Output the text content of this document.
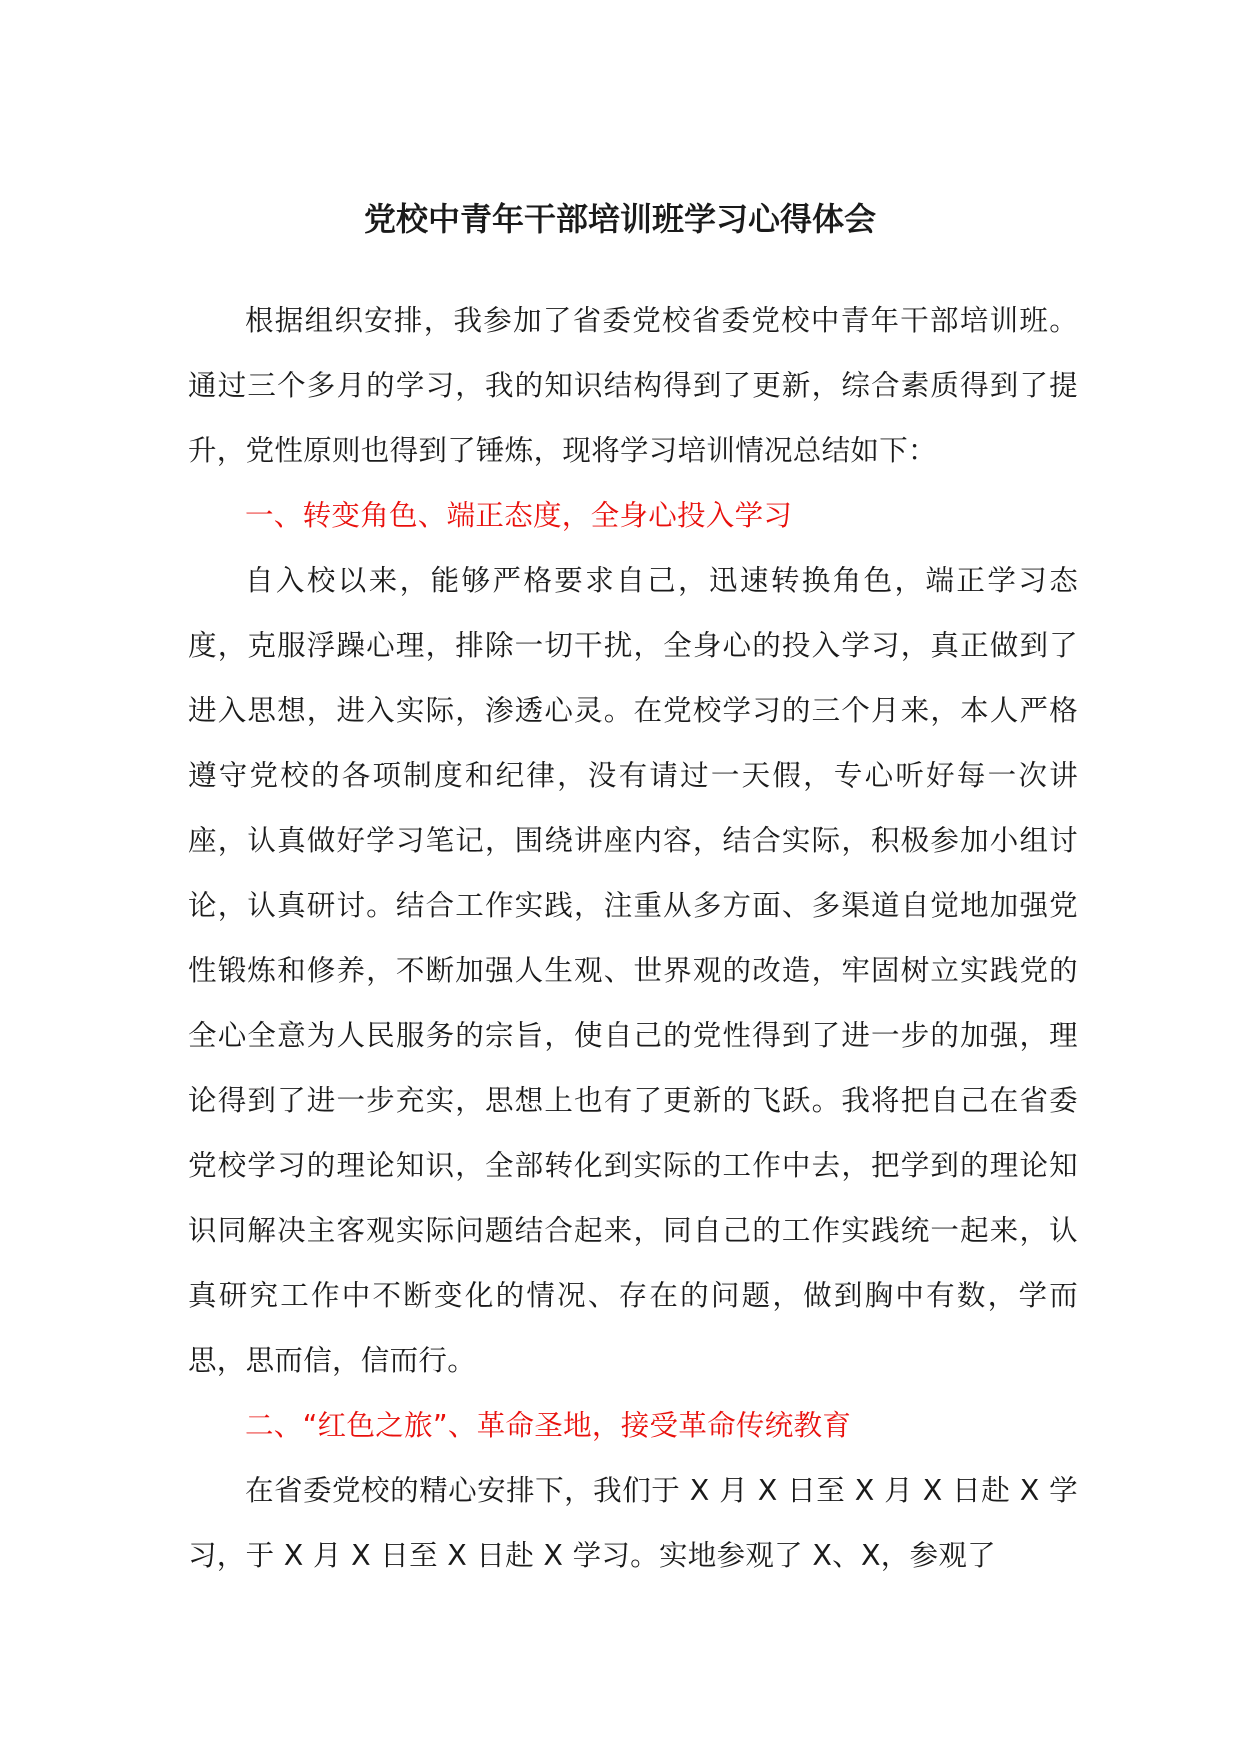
党校中青年干部培训班学习心得体会

根据组织安排，我参加了省委党校省委党校中青年干部培训班。通过三个多月的学习，我的知识结构得到了更新，综合素质得到了提升，党性原则也得到了锤炼，现将学习培训情况总结如下：

一、转变角色、端正态度，全身心投入学习

自入校以来，能够严格要求自己，迅速转换角色，端正学习态度，克服浮躁心理，排除一切干扰，全身心的投入学习，真正做到了进入思想，进入实际，渗透心灵。在党校学习的三个月来，本人严格遵守党校的各项制度和纪律，没有请过一天假，专心听好每一次讲座，认真做好学习笔记，围绕讲座内容，结合实际，积极参加小组讨论，认真研讨。结合工作实践，注重从多方面、多渠道自觉地加强党性锻炼和修养，不断加强人生观、世界观的改造，牢固树立实践党的全心全意为人民服务的宗旨，使自己的党性得到了进一步的加强，理论得到了进一步充实，思想上也有了更新的飞跃。我将把自己在省委党校学习的理论知识，全部转化到实际的工作中去，把学到的理论知识同解决主客观实际问题结合起来，同自己的工作实践统一起来，认真研究工作中不断变化的情况、存在的问题，做到胸中有数，学而思，思而信，信而行。

二、“红色之旅”、革命圣地，接受革命传统教育

在省委党校的精心安排下，我们于 X 月 X 日至 X 月 X 日赴 X 学习，于 X 月 X 日至 X 日赴 X 学习。实地参观了 X、X，参观了
